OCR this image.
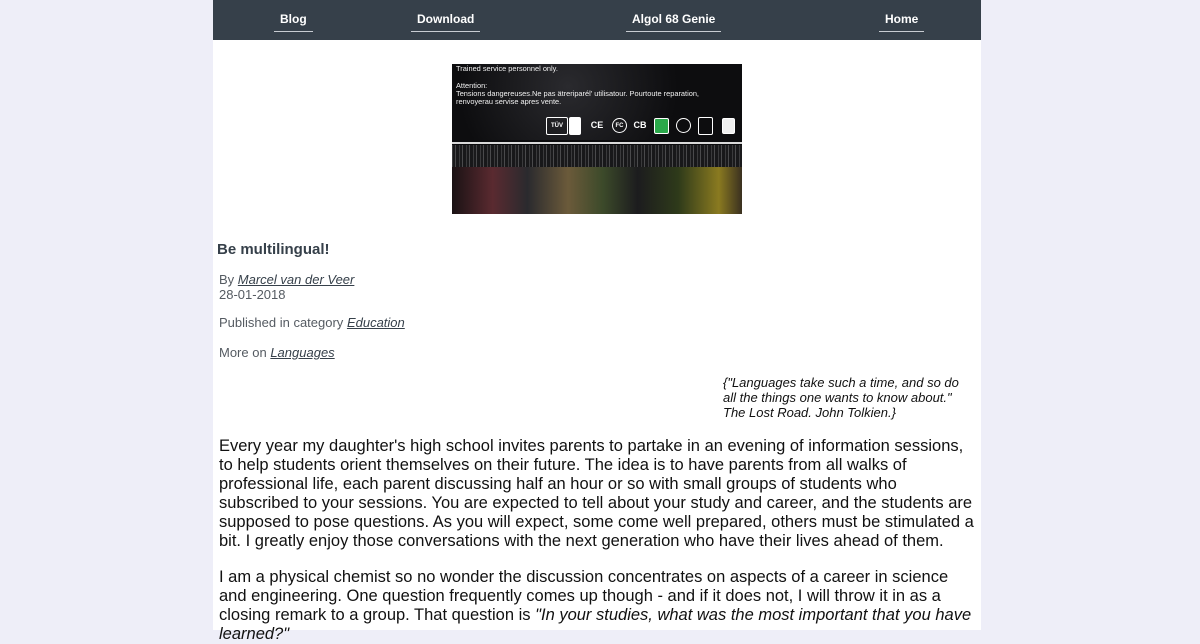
Blog	Download	Algol 68 Genie	Home
Trained service personnel only.
Attention:
Tensions dangereuses.Ne pas ätreriparél' utilisatour. Pourtoute reparation,
renvoyerau servise apres vente.
TÜV	CE	FC	CB
Be multilingual!
By Marcel van der Veer
28-01-2018
Published in category Education
More on Languages
{"Languages take such a time, and so do
all the things one wants to know about."
The Lost Road. John Tolkien.}

Every year my daughter's high school invites parents to partake in an evening of information sessions, to help students orient themselves on their future. The idea is to have parents from all walks of professional life, each parent discussing half an hour or so with small groups of students who subscribed to your sessions. You are expected to tell about your study and career, and the students are supposed to pose questions. As you will expect, some come well prepared, others must be stimulated a bit. I greatly enjoy those conversations with the next generation who have their lives ahead of them.

I am a physical chemist so no wonder the discussion concentrates on aspects of a career in science and engineering. One question frequently comes up though - and if it does not, I will throw it in as a closing remark to a group. That question is "In your studies, what was the most important that you have learned?"
